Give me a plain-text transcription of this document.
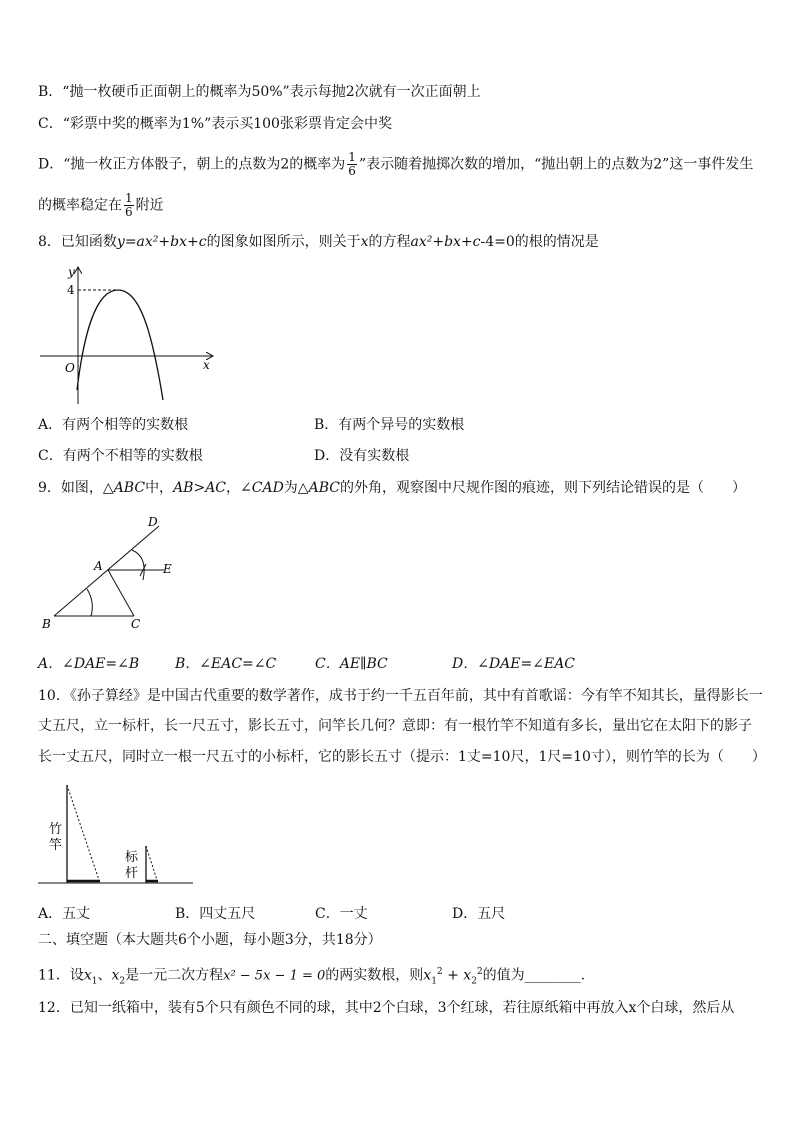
B．“抛一枚硬币正面朝上的概率为50%”表示每抛2次就有一次正面朝上
C．“彩票中奖的概率为1%”表示买100张彩票肯定会中奖
D．“抛一枚正方体骰子，朝上的点数为2的概率为 $\frac{1}{6}$ ”表示随着抛掷次数的增加，“抛出朝上的点数为2”这一事件发生
的概率稳定在 $\frac{1}{6}$ 附近
8．已知函数y=ax²+bx+c的图象如图所示，则关于x的方程ax²+bx+c-4=0的根的情况是
y
x
O
4
A．有两个相等的实数根	B．有两个异号的实数根
C．有两个不相等的实数根	D．没有实数根
9．如图，△ABC中，AB>AC，∠CAD为△ABC的外角，观察图中尺规作图的痕迹，则下列结论错误的是（　　）
D
A	E
B	C
A．∠DAE=∠B	B．∠EAC=∠C	C．AE∥BC	D．∠DAE=∠EAC
10．《孙子算经》是中国古代重要的数学著作，成书于约一千五百年前，其中有首歌谣：今有竿不知其长，量得影长一
丈五尺，立一标杆，长一尺五寸，影长五寸，问竿长几何？意即：有一根竹竿不知道有多长，量出它在太阳下的影子
长一丈五尺，同时立一根一尺五寸的小标杆，它的影长五寸（提示：1丈=10尺，1尺=10寸），则竹竿的长为（　　）
竹
竿
标
杆
A．五丈	B．四丈五尺	C．一丈	D．五尺
二、填空题（本大题共6个小题，每小题3分，共18分）
11．设$x_1$、$x_2$是一元二次方程x² − 5x − 1 = 0的两实数根，则$x_1^2 + x_2^2$的值为________.
12．已知一纸箱中，装有5个只有颜色不同的球，其中2个白球，3个红球，若往原纸箱中再放入x个白球，然后从
